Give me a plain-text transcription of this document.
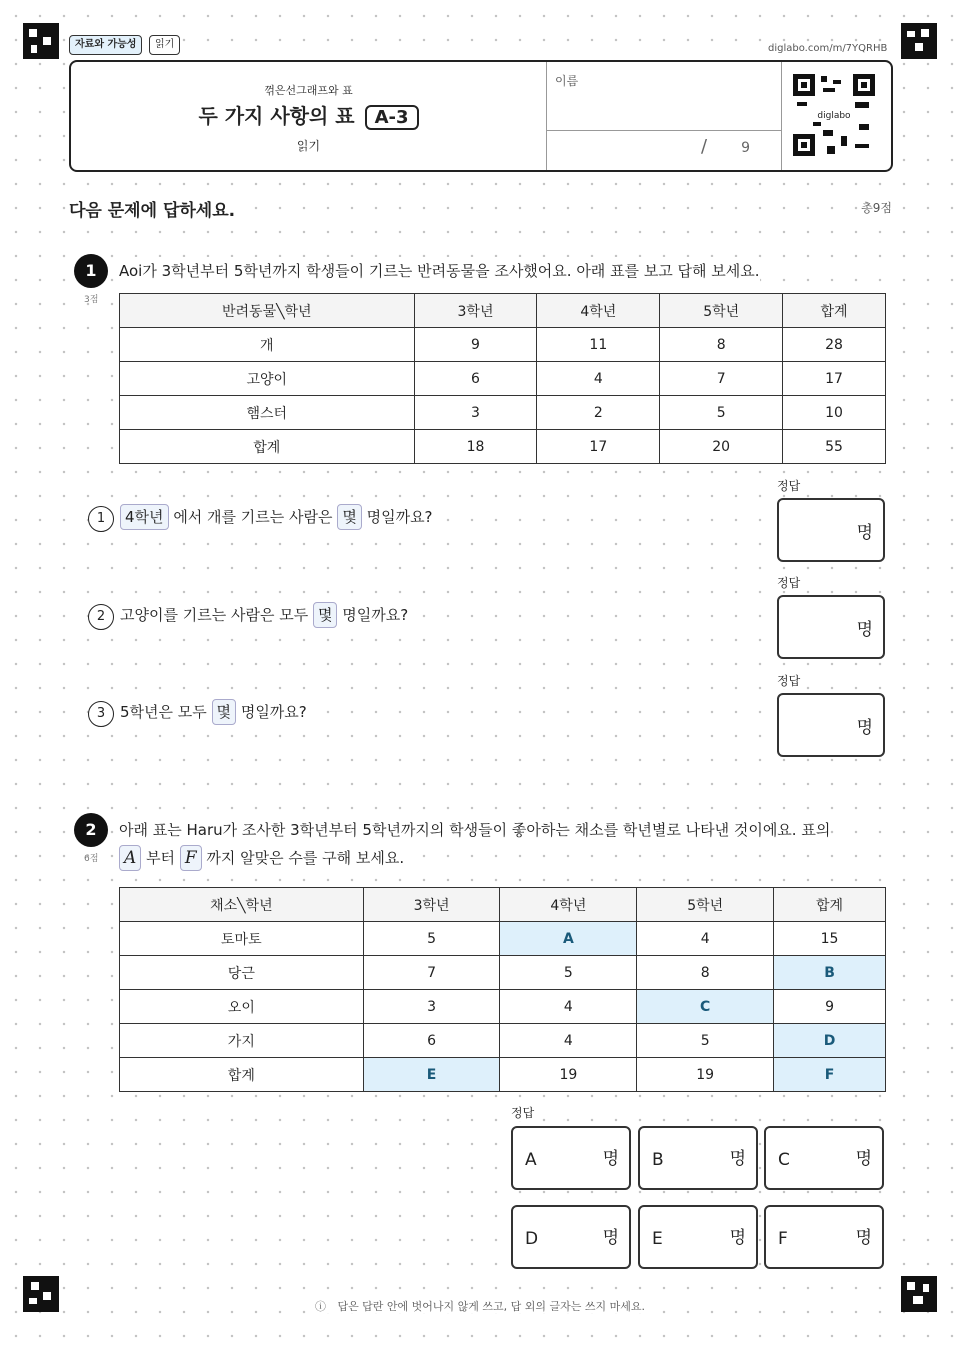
자료와 가능성	읽기	diglabo.com/m/7YQRHB
꺾은선그래프와 표
두 가지 사항의 표 A-3
읽기
이름
/ 9
diglabo
다음 문제에 답하세요.	총9점
1
3점
Aoi가 3학년부터 5학년까지 학생들이 기르는 반려동물을 조사했어요. 아래 표를 보고 답해 보세요.
반려동물╲학년	3학년	4학년	5학년	합계
개	9	11	8	28
고양이	6	4	7	17
햄스터	3	2	5	10
합계	18	17	20	55
1 4학년 에서 개를 기르는 사람은 몇 명일까요?
정답
명
2 고양이를 기르는 사람은 모두 몇 명일까요?
정답
명
3 5학년은 모두 몇 명일까요?
정답
명
2
6점
아래 표는 Haru가 조사한 3학년부터 5학년까지의 학생들이 좋아하는 채소를 학년별로 나타낸 것이에요. 표의
A 부터 F 까지 알맞은 수를 구해 보세요.
채소╲학년	3학년	4학년	5학년	합계
토마토	5	A	4	15
당근	7	5	8	B
오이	3	4	C	9
가지	6	4	5	D
합계	E	19	19	F
정답
A	명 B	명 C	명
D	명 E	명 F	명
ⓘ 답은 답란 안에 벗어나지 않게 쓰고, 답 외의 글자는 쓰지 마세요.
